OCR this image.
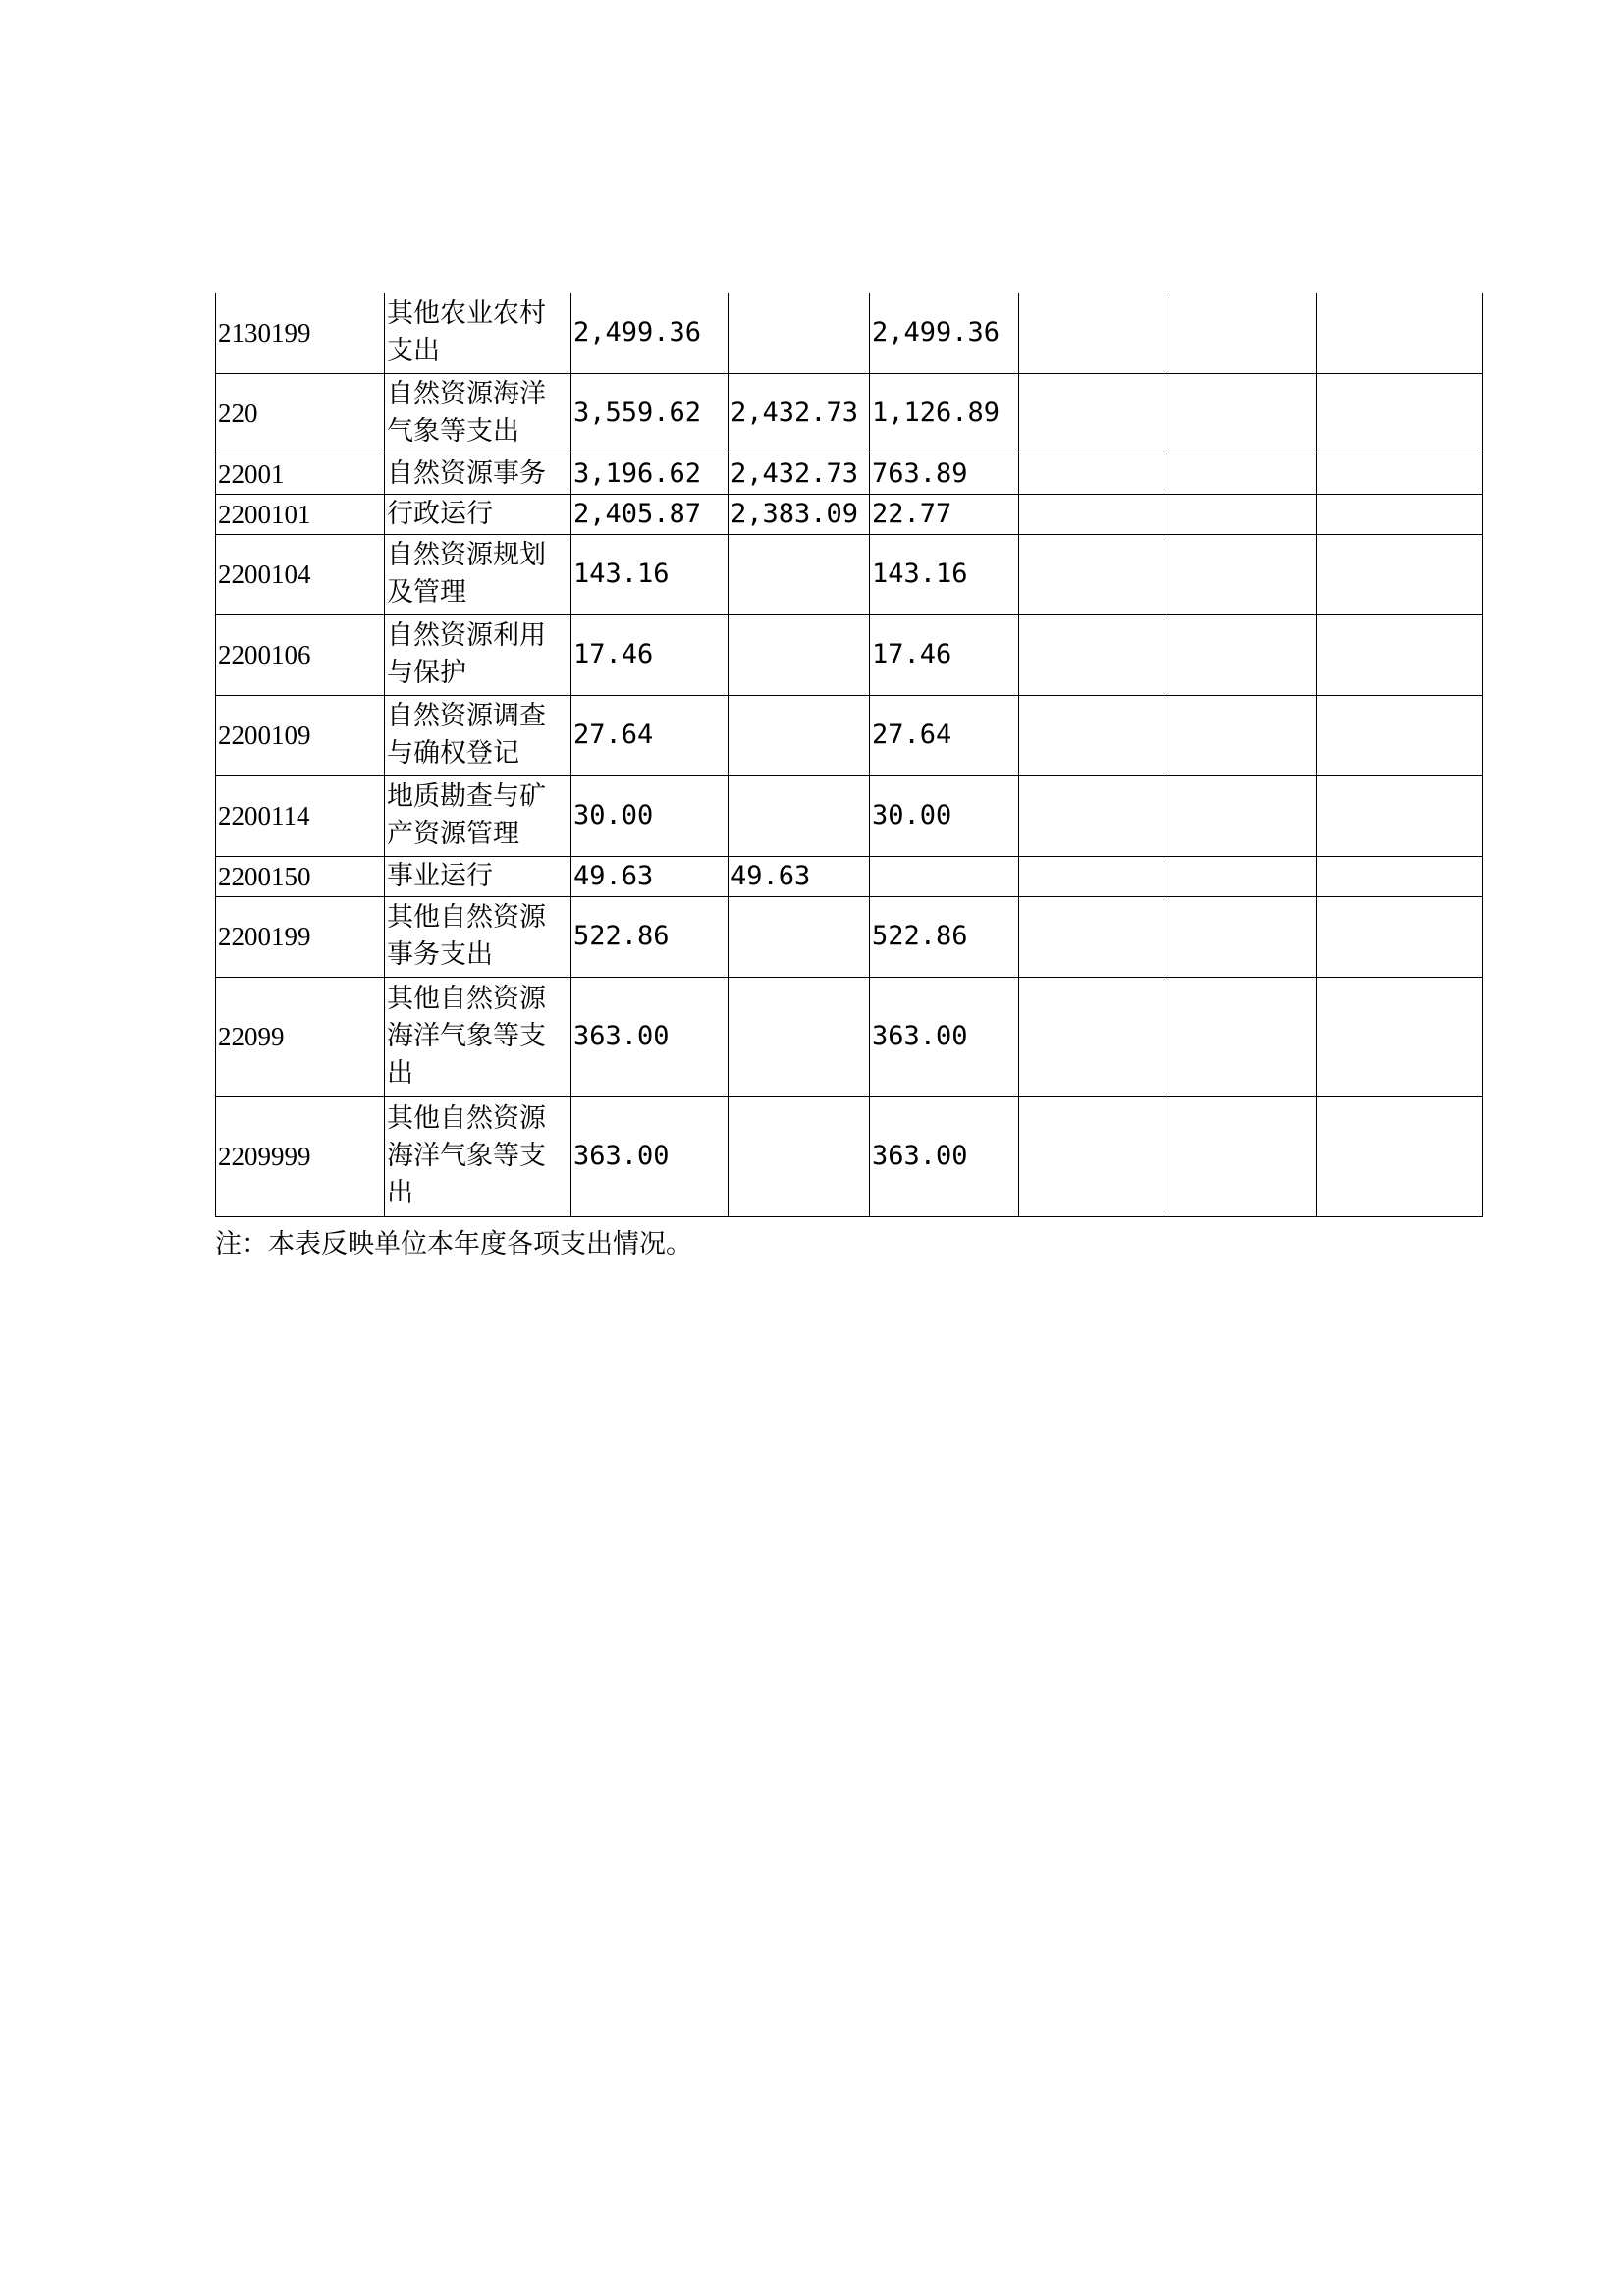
2130199	其他农业农村支出	2,499.36		2,499.36			
220	自然资源海洋气象等支出	3,559.62	2,432.73	1,126.89			
22001	自然资源事务	3,196.62	2,432.73	763.89			
2200101	行政运行	2,405.87	2,383.09	22.77			
2200104	自然资源规划及管理	143.16		143.16			
2200106	自然资源利用与保护	17.46		17.46			
2200109	自然资源调查与确权登记	27.64		27.64			
2200114	地质勘查与矿产资源管理	30.00		30.00			
2200150	事业运行	49.63	49.63				
2200199	其他自然资源事务支出	522.86		522.86			
22099	其他自然资源海洋气象等支出	363.00		363.00			
2209999	其他自然资源海洋气象等支出	363.00		363.00			
注：本表反映单位本年度各项支出情况。
